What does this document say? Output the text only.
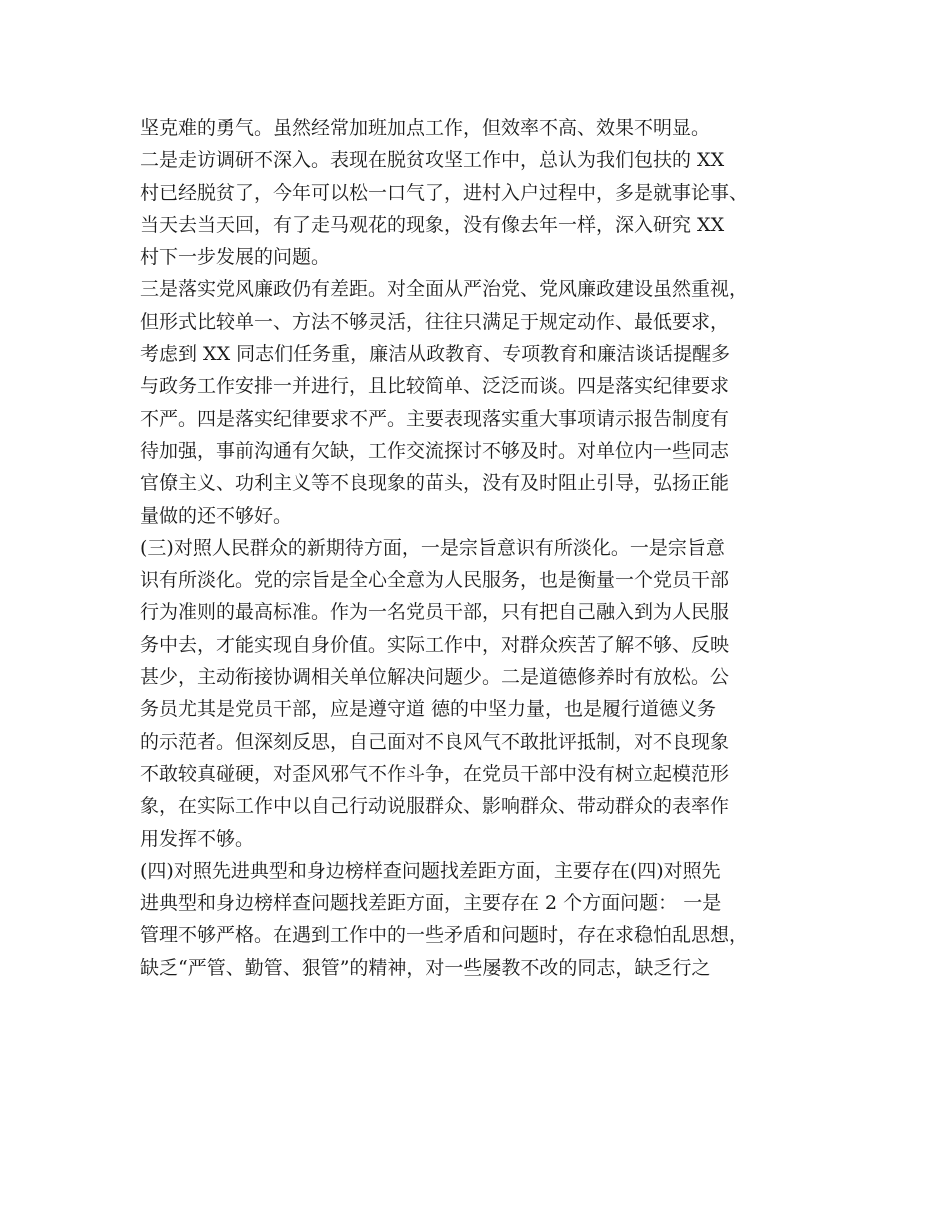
坚克难的勇气。虽然经常加班加点工作，但效率不高、效果不明显。
二是走访调研不深入。表现在脱贫攻坚工作中，总认为我们包扶的 XX
村已经脱贫了，今年可以松一口气了，进村入户过程中，多是就事论事、
当天去当天回，有了走马观花的现象，没有像去年一样，深入研究 XX
村下一步发展的问题。
三是落实党风廉政仍有差距。对全面从严治党、党风廉政建设虽然重视，
但形式比较单一、方法不够灵活，往往只满足于规定动作、最低要求，
考虑到 XX 同志们任务重，廉洁从政教育、专项教育和廉洁谈话提醒多
与政务工作安排一并进行，且比较简单、泛泛而谈。四是落实纪律要求
不严。四是落实纪律要求不严。主要表现落实重大事项请示报告制度有
待加强，事前沟通有欠缺，工作交流探讨不够及时。对单位内一些同志
官僚主义、功利主义等不良现象的苗头，没有及时阻止引导，弘扬正能
量做的还不够好。
(三)对照人民群众的新期待方面，一是宗旨意识有所淡化。一是宗旨意
识有所淡化。党的宗旨是全心全意为人民服务，也是衡量一个党员干部
行为准则的最高标准。作为一名党员干部，只有把自己融入到为人民服
务中去，才能实现自身价值。实际工作中，对群众疾苦了解不够、反映
甚少，主动衔接协调相关单位解决问题少。二是道德修养时有放松。公
务员尤其是党员干部，应是遵守道 德的中坚力量，也是履行道德义务
的示范者。但深刻反思，自己面对不良风气不敢批评抵制，对不良现象
不敢较真碰硬，对歪风邪气不作斗争，在党员干部中没有树立起模范形
象，在实际工作中以自己行动说服群众、影响群众、带动群众的表率作
用发挥不够。
(四)对照先进典型和身边榜样查问题找差距方面，主要存在(四)对照先
进典型和身边榜样查问题找差距方面，主要存在 2 个方面问题： 一是
管理不够严格。在遇到工作中的一些矛盾和问题时，存在求稳怕乱思想，
缺乏“严管、勤管、狠管”的精神，对一些屡教不改的同志，缺乏行之
